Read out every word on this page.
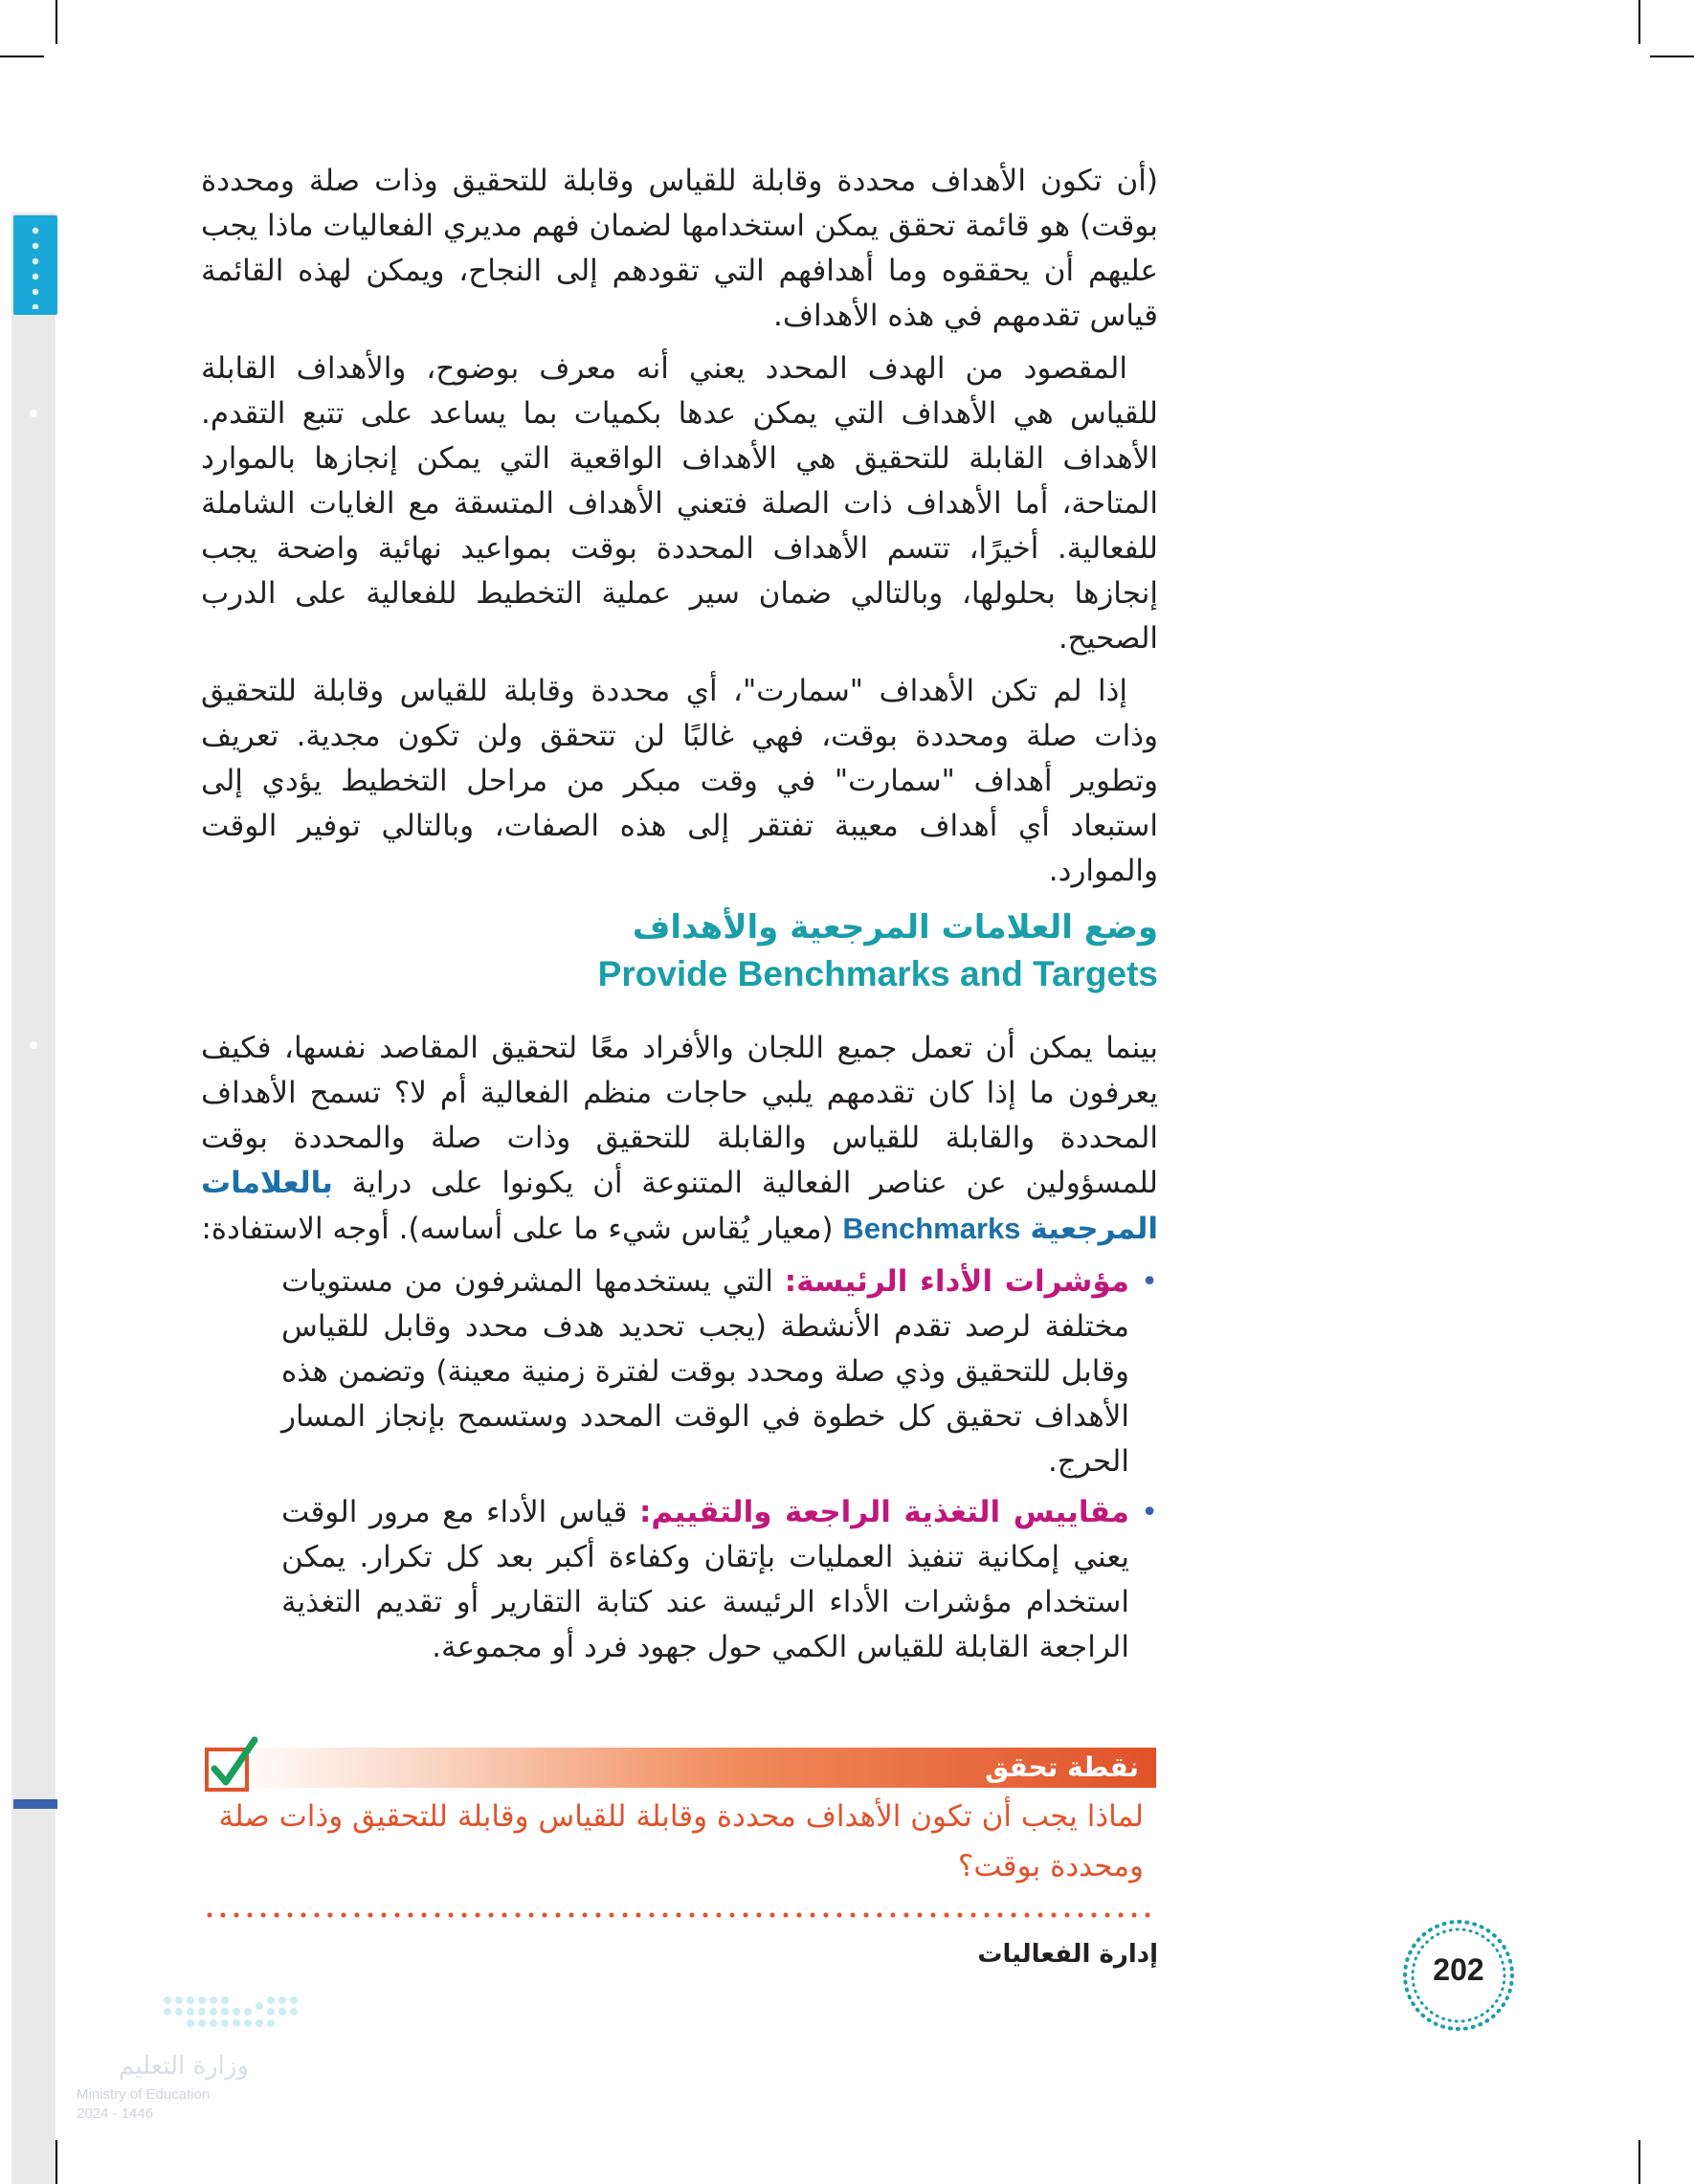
(أن تكون الأهداف محددة وقابلة للقياس وقابلة للتحقيق وذات صلة ومحددة بوقت) هو قائمة تحقق يمكن استخدامها لضمان فهم مديري الفعاليات ماذا يجب عليهم أن يحققوه وما أهدافهم التي تقودهم إلى النجاح، ويمكن لهذه القائمة قياس تقدمهم في هذه الأهداف.

المقصود من الهدف المحدد يعني أنه معرف بوضوح، والأهداف القابلة للقياس هي الأهداف التي يمكن عدها بكميات بما يساعد على تتبع التقدم. الأهداف القابلة للتحقيق هي الأهداف الواقعية التي يمكن إنجازها بالموارد المتاحة، أما الأهداف ذات الصلة فتعني الأهداف المتسقة مع الغايات الشاملة للفعالية. أخيرًا، تتسم الأهداف المحددة بوقت بمواعيد نهائية واضحة يجب إنجازها بحلولها، وبالتالي ضمان سير عملية التخطيط للفعالية على الدرب الصحيح.

إذا لم تكن الأهداف "سمارت"، أي محددة وقابلة للقياس وقابلة للتحقيق وذات صلة ومحددة بوقت، فهي غالبًا لن تتحقق ولن تكون مجدية. تعريف وتطوير أهداف "سمارت" في وقت مبكر من مراحل التخطيط يؤدي إلى استبعاد أي أهداف معيبة تفتقر إلى هذه الصفات، وبالتالي توفير الوقت والموارد.

وضع العلامات المرجعية والأهداف
Provide Benchmarks and Targets

بينما يمكن أن تعمل جميع اللجان والأفراد معًا لتحقيق المقاصد نفسها، فكيف يعرفون ما إذا كان تقدمهم يلبي حاجات منظم الفعالية أم لا؟ تسمح الأهداف المحددة والقابلة للقياس والقابلة للتحقيق وذات صلة والمحددة بوقت للمسؤولين عن عناصر الفعالية المتنوعة أن يكونوا على دراية بالعلامات المرجعية Benchmarks (معيار يُقاس شيء ما على أساسه). أوجه الاستفادة:

•
مؤشرات الأداء الرئيسة: التي يستخدمها المشرفون من مستويات مختلفة لرصد تقدم الأنشطة (يجب تحديد هدف محدد وقابل للقياس وقابل للتحقيق وذي صلة ومحدد بوقت لفترة زمنية معينة) وتضمن هذه الأهداف تحقيق كل خطوة في الوقت المحدد وستسمح بإنجاز المسار الحرج.
•
مقاييس التغذية الراجعة والتقييم: قياس الأداء مع مرور الوقت يعني إمكانية تنفيذ العمليات بإتقان وكفاءة أكبر بعد كل تكرار. يمكن استخدام مؤشرات الأداء الرئيسة عند كتابة التقارير أو تقديم التغذية الراجعة القابلة للقياس الكمي حول جهود فرد أو مجموعة.
نقطة تحقق
لماذا يجب أن تكون الأهداف محددة وقابلة للقياس وقابلة للتحقيق وذات صلة ومحددة بوقت؟
202
إدارة الفعاليات
وزارة التعليم
Ministry of Education
2024 - 1446
